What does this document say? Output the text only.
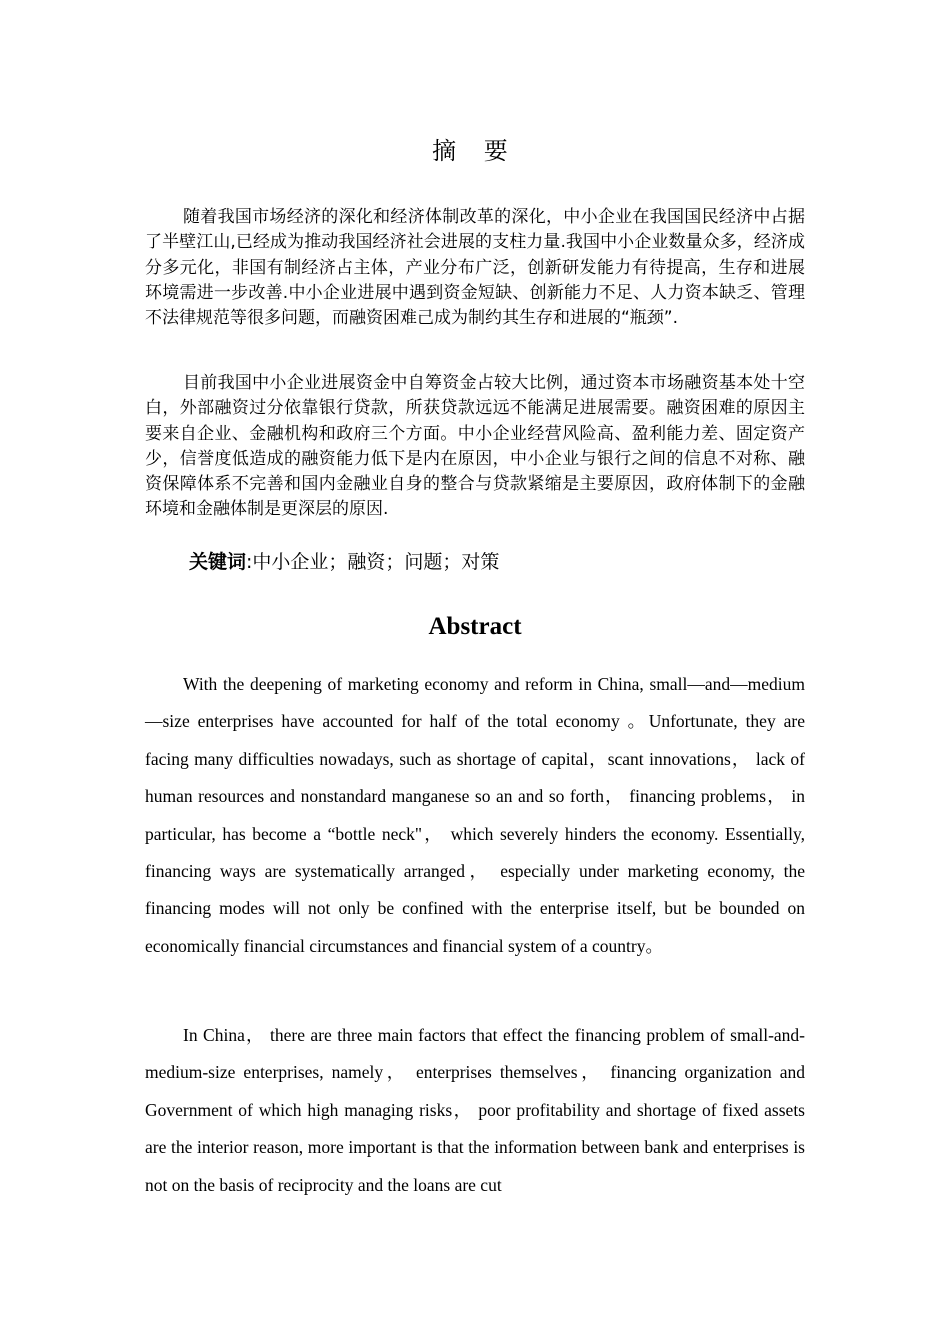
摘 要

随着我国市场经济的深化和经济体制改革的深化，中小企业在我国国民经济中占据了半壁江山,已经成为推动我国经济社会进展的支柱力量.我国中小企业数量众多，经济成分多元化，非国有制经济占主体，产业分布广泛，创新研发能力有待提高，生存和进展环境需进一步改善.中小企业进展中遇到资金短缺、创新能力不足、人力资本缺乏、管理不法律规范等很多问题，而融资困难己成为制约其生存和进展的“瓶颈”.

目前我国中小企业进展资金中自筹资金占较大比例，通过资本市场融资基本处十空白，外部融资过分依靠银行贷款，所获贷款远远不能满足进展需要。融资困难的原因主要来自企业、金融机构和政府三个方面。中小企业经营风险高、盈利能力差、固定资产少，信誉度低造成的融资能力低下是内在原因，中小企业与银行之间的信息不对称、融资保障体系不完善和国内金融业自身的整合与贷款紧缩是主要原因，政府体制下的金融环境和金融体制是更深层的原因.

关键词:中小企业；融资；问题；对策
Abstract

With the deepening of marketing economy and reform in China, small—and—medium—size enterprises have accounted for half of the total economy 。Unfortunate, they are facing many difficulties nowadays, such as shortage of capital，scant innovations， lack of human resources and nonstandard manganese so an and so forth， financing problems， in particular, has become a “bottle neck"， which severely hinders the economy. Essentially, financing ways are systematically arranged， especially under marketing economy, the financing modes will not only be confined with the enterprise itself, but be bounded on economically financial circumstances and financial system of a country。

In China， there are three main factors that effect the financing problem of small-and-medium-size enterprises, namely， enterprises themselves， financing organization and Government of which high managing risks， poor profitability and shortage of fixed assets are the interior reason, more important is that the information between bank and enterprises is not on the basis of reciprocity and the loans are cut
